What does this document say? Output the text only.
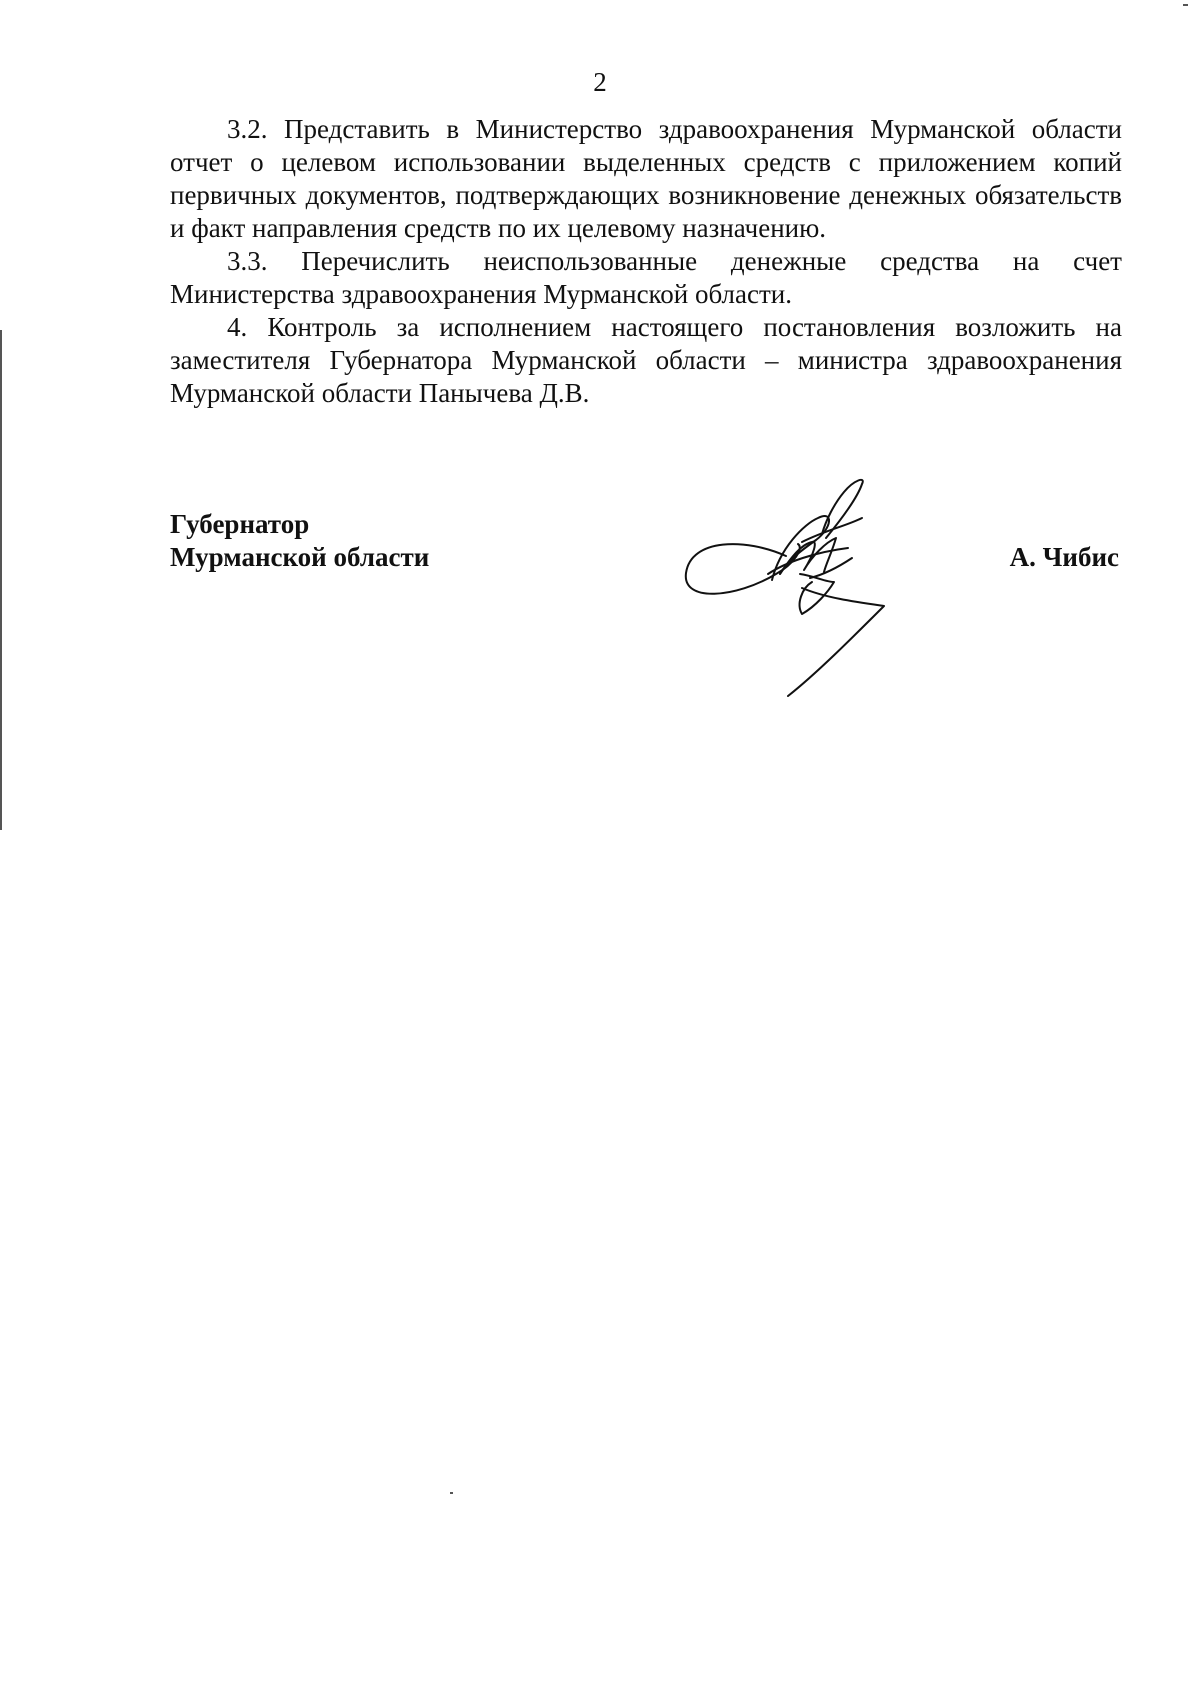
2

3.2. Представить в Министерство здравоохранения Мурманской области отчет о целевом использовании выделенных средств с приложением копий первичных документов, подтверждающих возникновение денежных обязательств и факт направления средств по их целевому назначению.

3.3. Перечислить неиспользованные денежные средства на счет Министерства здравоохранения Мурманской области.

4. Контроль за исполнением настоящего постановления возложить на заместителя Губернатора Мурманской области – министра здравоохранения Мурманской области Панычева Д.В.

Губернатор
Мурманской области	А. Чибис
